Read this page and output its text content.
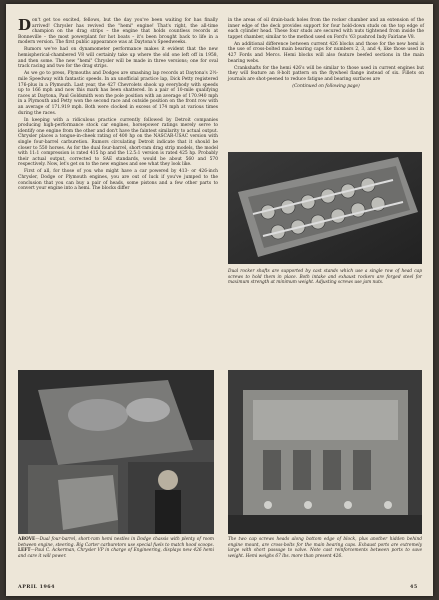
Don't get too excited, fellows, but the day you've been waiting for has finally arrived! Chrysler has revived the "hemi" engine! That's right, the all-time champion on the drag strips – the engine that holds countless records at Bonneville – the most powerplant for hot boats – it's been brought back to life in a modern version. The first public appearance was at Daytona's Speedweeks.

Rumors we've had on dynamometer performance makes it evident that the new hemispherical-chambered V8 will certainly take up where the old one left off in 1958, and then some. The new "hemi" Chrysler will be made in three versions; one for oval track racing and two for the drag strips.

As we go to press, Plymouths and Dodges are smashing lap records at Daytona's 2½-mile Speedway with fantastic speeds. In an unofficial practice lap, Dick Petty registered 176-plus in a Plymouth. Last year, the 427 Chevrolets shook up everybody with speeds up to 166 mph and now this mark has been shattered. In a pair of 10-mile qualifying races at Daytona, Paul Goldsmith won the pole position with an average of 170.940 mph in a Plymouth and Petty won the second race and outside position on the front row with an average of 171.919 mph. Both were clocked in excess of 174 mph at various times during the races.

In keeping with a ridiculous practice currently followed by Detroit companies producing high-performance stock car engines, horsepower ratings merely serve to identify one engine from the other and don't have the faintest similarity to actual output. Chrysler places a tongue-in-cheek rating of 400 hp on the NASCAR-USAC version with single four-barrel carburetion. Rumors circulating Detroit indicate that it should be closer to 550 horses. As for the dual four-barrel, short-ram drag strip models, the model with 11:1 compression is rated 415 hp and the 12.5:1 version is rated 425 hp. Probably their actual output, corrected to SAE standards, would be about 560 and 570 respectively. Now, let's get on to the new engines and see what they look like.

First of all, for those of you who might have a car powered by 413- or 426-inch Chrysler, Dodge or Plymouth engines, you are out of luck if you've jumped to the conclusion that you can buy a pair of heads, some pistons and a few other parts to convert your engine into a hemi. The blocks differ

in the areas of oil drain-back holes from the rocker chamber and an extension of the inner edge of the deck provides support for four hold-down studs on the top edge of each cylinder head. These four studs are secured with nuts tightened from inside the tappet chamber, similar to the method used on Ford's '63 pushrod Indy Fairlane V8.

An additional difference between current 426 blocks and those for the new hemi is the use of cross-bolted main bearing caps for numbers 2, 3, and 4, like those used in 427 Fords and Mercs. Hemi blocks will also feature beefed sections in the main bearing webs.

Crankshafts for the hemi 426's will be similar to those used in current engines but they will feature an 8-bolt pattern on the flywheel flange instead of six. Fillets on journals are shot-peened to reduce fatigue and bearing surfaces are

(Continued on following page)
Dual rocker shafts are supported by cast stands which use a single row of head cap screws to hold them in place. Both intake and exhaust rockers are forged steel for maximum strength at minimum weight. Adjusting screws use jam nuts.
ABOVE—Dual four-barrel, short-ram hemi nestles in Dodge chassis with plenty of room between engine, steering. Big Carter carburetors use special fuels to match hood scoops. LEFT—Paul C. Ackerman, Chrysler VP in charge of Engineering, displays new 426 hemi and care it will power.
The two cap screws heads along bottom edge of block, plus another hidden behind engine mount, are cross-bolts for the main bearing caps. Exhaust ports are extremely large with short passage to valve. Note cast reinforcements between ports to save weight. Hemi weighs 67 lbs. more than present 426.
APRIL 1964	45
